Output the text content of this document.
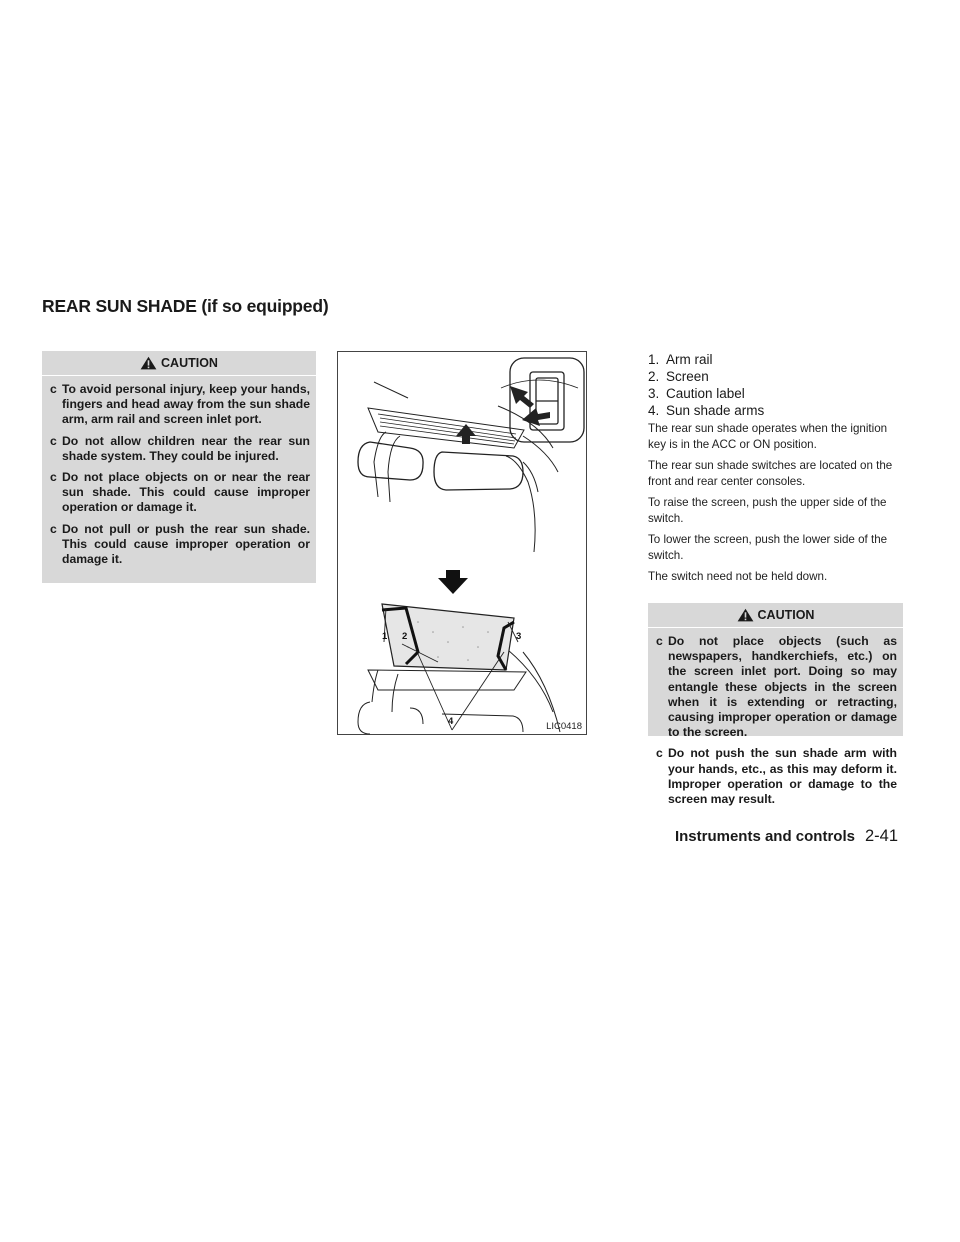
REAR SUN SHADE (if so equipped)
CAUTION
c To avoid personal injury, keep your hands, fingers and head away from the sun shade arm, arm rail and screen inlet port.
c Do not allow children near the rear sun shade system. They could be injured.
c Do not place objects on or near the rear sun shade. This could cause improper operation or damage it.
c Do not pull or push the rear sun shade. This could cause improper operation or damage it.
1 2	3
4	LIC0418
1. Arm rail
2. Screen
3. Caution label
4. Sun shade arms

The rear sun shade operates when the ignition key is in the ACC or ON position.

The rear sun shade switches are located on the front and rear center consoles.

To raise the screen, push the upper side of the switch.

To lower the screen, push the lower side of the switch.

The switch need not be held down.

CAUTION
c Do not place objects (such as newspapers, handkerchiefs, etc.) on the screen inlet port. Doing so may entangle these objects in the screen when it is extending or retracting, causing improper operation or damage to the screen.
c Do not push the sun shade arm with your hands, etc., as this may deform it. Improper operation or damage to the screen may result.
Instruments and controls 2-41
